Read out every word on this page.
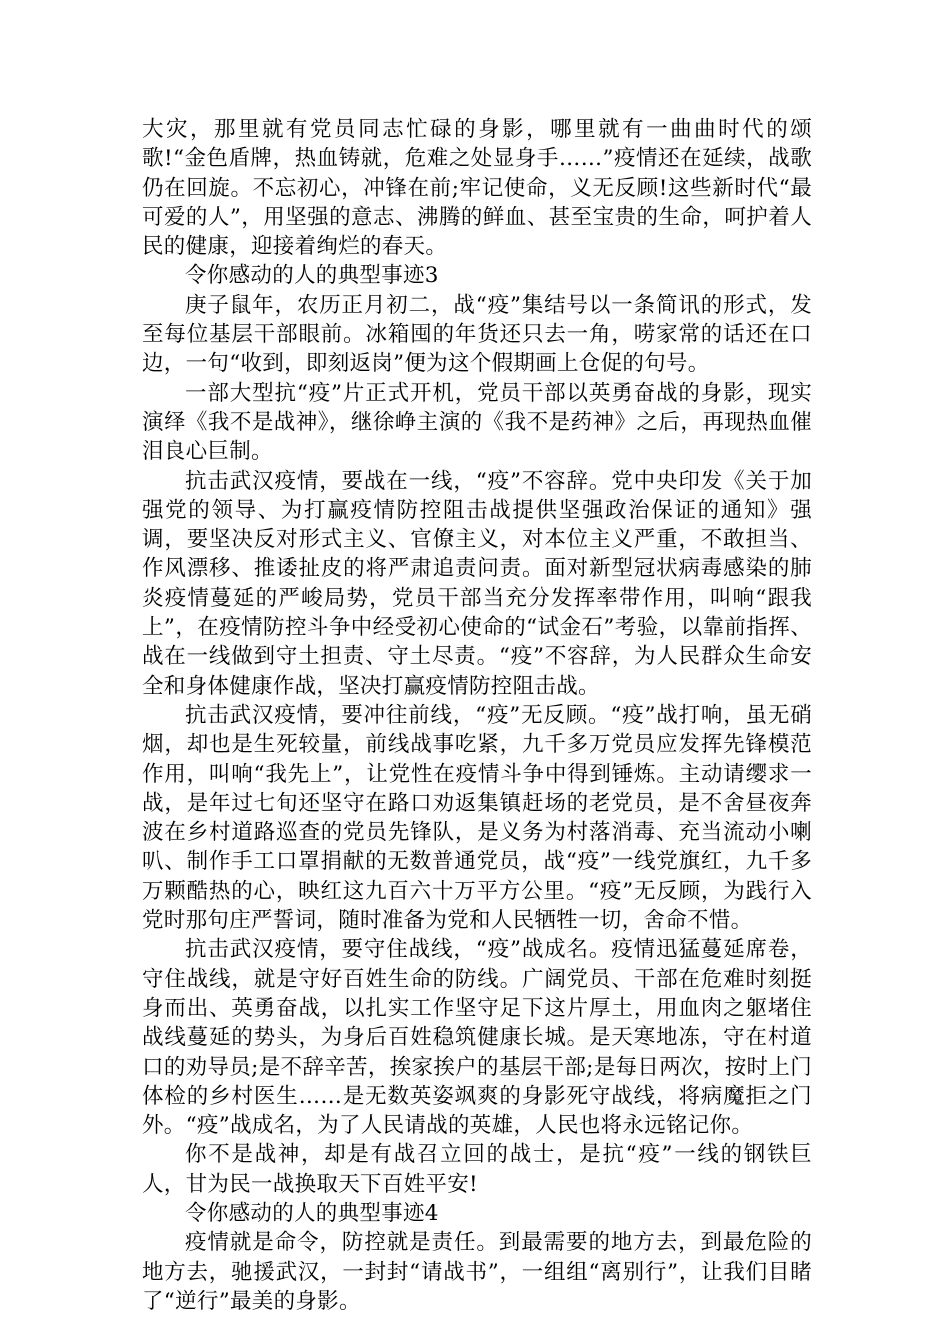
大灾，那里就有党员同志忙碌的身影，哪里就有一曲曲时代的颂歌!“金色盾牌，热血铸就，危难之处显身手……”疫情还在延续，战歌仍在回旋。不忘初心，冲锋在前;牢记使命，义无反顾!这些新时代“最可爱的人”，用坚强的意志、沸腾的鲜血、甚至宝贵的生命，呵护着人民的健康，迎接着绚烂的春天。

令你感动的人的典型事迹3

庚子鼠年，农历正月初二，战“疫”集结号以一条简讯的形式，发至每位基层干部眼前。冰箱囤的年货还只去一角，唠家常的话还在口边，一句“收到，即刻返岗”便为这个假期画上仓促的句号。

一部大型抗“疫”片正式开机，党员干部以英勇奋战的身影，现实演绎《我不是战神》，继徐峥主演的《我不是药神》之后，再现热血催泪良心巨制。

抗击武汉疫情，要战在一线，“疫”不容辞。党中央印发《关于加强党的领导、为打赢疫情防控阻击战提供坚强政治保证的通知》强调，要坚决反对形式主义、官僚主义，对本位主义严重，不敢担当、作风漂移、推诿扯皮的将严肃追责问责。面对新型冠状病毒感染的肺炎疫情蔓延的严峻局势，党员干部当充分发挥率带作用，叫响“跟我上”，在疫情防控斗争中经受初心使命的“试金石”考验，以靠前指挥、战在一线做到守土担责、守土尽责。“疫”不容辞，为人民群众生命安全和身体健康作战，坚决打赢疫情防控阻击战。

抗击武汉疫情，要冲往前线，“疫”无反顾。“疫”战打响，虽无硝烟，却也是生死较量，前线战事吃紧，九千多万党员应发挥先锋模范作用，叫响“我先上”，让党性在疫情斗争中得到锤炼。主动请缨求一战，是年过七旬还坚守在路口劝返集镇赶场的老党员，是不舍昼夜奔波在乡村道路巡查的党员先锋队，是义务为村落消毒、充当流动小喇叭、制作手工口罩捐献的无数普通党员，战“疫”一线党旗红，九千多万颗酷热的心，映红这九百六十万平方公里。“疫”无反顾，为践行入党时那句庄严誓词，随时准备为党和人民牺牲一切，舍命不惜。

抗击武汉疫情，要守住战线，“疫”战成名。疫情迅猛蔓延席卷，守住战线，就是守好百姓生命的防线。广阔党员、干部在危难时刻挺身而出、英勇奋战，以扎实工作坚守足下这片厚土，用血肉之躯堵住战线蔓延的势头，为身后百姓稳筑健康长城。是天寒地冻，守在村道口的劝导员;是不辞辛苦，挨家挨户的基层干部;是每日两次，按时上门体检的乡村医生……是无数英姿飒爽的身影死守战线，将病魔拒之门外。“疫”战成名，为了人民请战的英雄，人民也将永远铭记你。

你不是战神，却是有战召立回的战士，是抗“疫”一线的钢铁巨人，甘为民一战换取天下百姓平安!

令你感动的人的典型事迹4

疫情就是命令，防控就是责任。到最需要的地方去，到最危险的地方去，驰援武汉，一封封“请战书”，一组组“离别行”，让我们目睹了“逆行”最美的身影。
